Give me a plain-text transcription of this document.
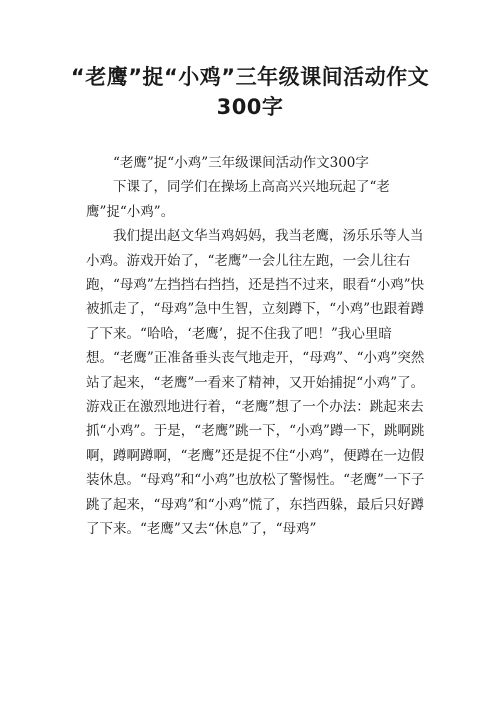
“老鹰”捉“小鸡”三年级课间活动作文300字

“老鹰”捉“小鸡”三年级课间活动作文300字

下课了，同学们在操场上高高兴兴地玩起了“老鹰”捉“小鸡”。

我们提出赵文华当鸡妈妈，我当老鹰，汤乐乐等人当小鸡。游戏开始了，“老鹰”一会儿往左跑，一会儿往右跑，“母鸡”左挡挡右挡挡，还是挡不过来，眼看“小鸡”快被抓走了，“母鸡”急中生智，立刻蹲下，“小鸡”也跟着蹲了下来。“哈哈，‘老鹰’，捉不住我了吧！”我心里暗想。“老鹰”正准备垂头丧气地走开，“母鸡”、“小鸡”突然站了起来，“老鹰”一看来了精神，又开始捕捉“小鸡”了。游戏正在激烈地进行着，“老鹰”想了一个办法：跳起来去抓“小鸡”。于是，“老鹰”跳一下，“小鸡”蹲一下，跳啊跳啊，蹲啊蹲啊，“老鹰”还是捉不住“小鸡”，便蹲在一边假装休息。“母鸡”和“小鸡”也放松了警惕性。“老鹰”一下子跳了起来，“母鸡”和“小鸡”慌了，东挡西躲，最后只好蹲了下来。“老鹰”又去“休息”了，“母鸡”
